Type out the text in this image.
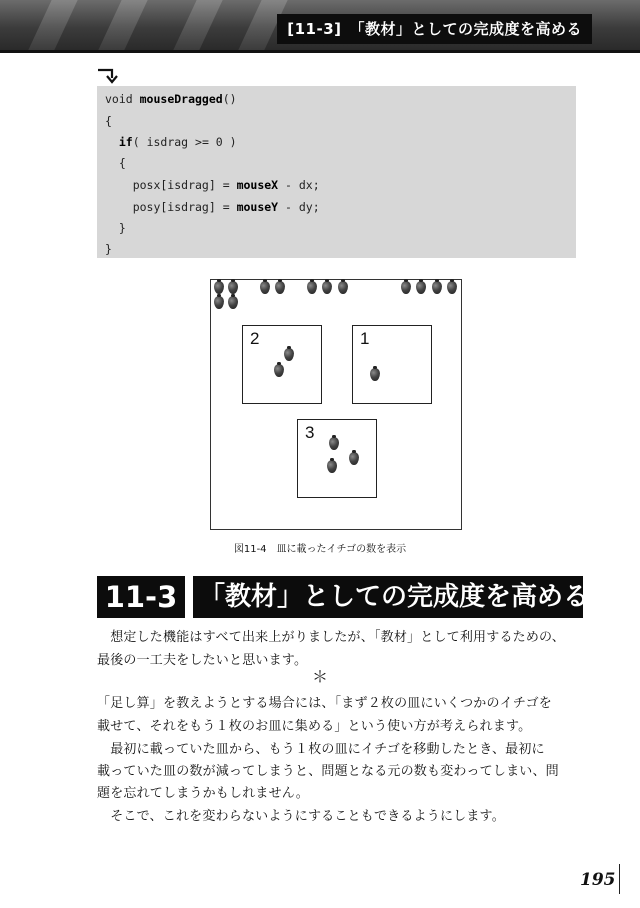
[11-3]　「教材」としての完成度を高める
void mouseDragged()
{
if( isdrag >= 0 )
{
posx[isdrag] = mouseX - dx;
posy[isdrag] = mouseY - dy;
}
}
2	1
3
図11-4　皿に載ったイチゴの数を表示
11-3 「教材」としての完成度を高める
　想定した機能はすべて出来上がりましたが、「教材」として利用するための、
最後の一工夫をしたいと思います。
＊
「足し算」を教えようとする場合には、「まず２枚の皿にいくつかのイチゴを
載せて、それをもう１枚のお皿に集める」という使い方が考えられます。
　最初に載っていた皿から、もう１枚の皿にイチゴを移動したとき、最初に
載っていた皿の数が減ってしまうと、問題となる元の数も変わってしまい、問
題を忘れてしまうかもしれません。
　そこで、これを変わらないようにすることもできるようにします。
195
